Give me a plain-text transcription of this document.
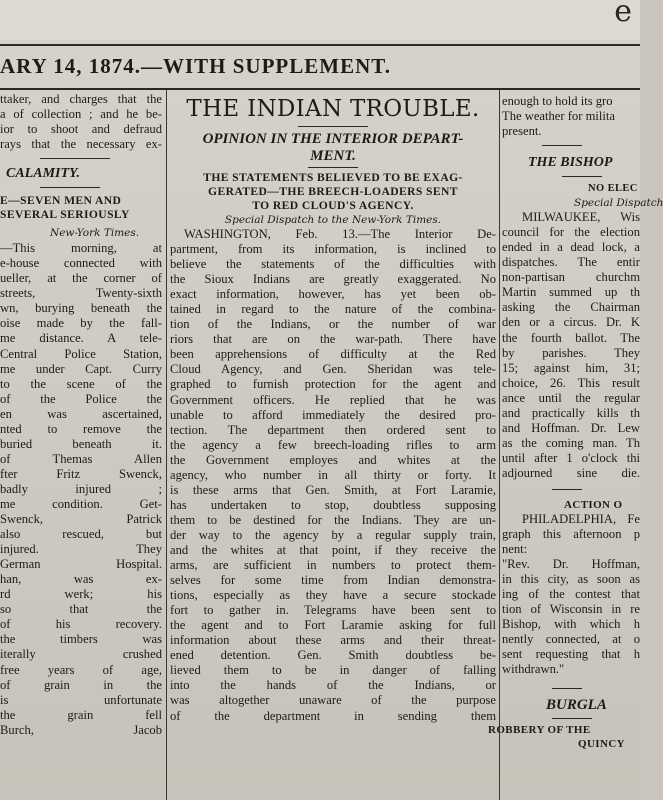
e
ARY 14, 1874.—WITH SUPPLEMENT.
ttaker, and charges that the
a of collection ; and he be-
ior to shoot and defraud
rays that the necessary ex-
CALAMITY.
E—SEVEN MEN AND
SEVERAL SERIOUSLY
New-York Times.
—This morning, at
e-house connected with
ueller, at the corner of
streets, Twenty-sixth
wn, burying beneath the
oise made by the fall-
me distance. A tele-
Central Police Station,
me under Capt. Curry
to the scene of the
of the Police the
en was ascertained,
nted to remove the
buried beneath it.
of Themas Allen
fter Fritz Swenck,
badly injured ;
me condition. Get-
Swenck, Patrick
also rescued, but
injured. They
German Hospital.
han, was ex-
rd werk; his
so that the
of his recovery.
the timbers was
iterally crushed
free years of age,
of grain in the
is unfortunate
the grain fell
Burch, Jacob
THE INDIAN TROUBLE.
OPINION IN THE INTERIOR DEPART-
MENT.
THE STATEMENTS BELIEVED TO BE EXAG-
GERATED—THE BREECH-LOADERS SENT
TO RED CLOUD'S AGENCY.
Special Dispatch to the New-York Times.
WASHINGTON, Feb. 13.—The Interior De-
partment, from its information, is inclined to
believe the statements of the difficulties with
the Sioux Indians are greatly exaggerated. No
exact information, however, has yet been ob-
tained in regard to the nature of the combina-
tion of the Indians, or the number of war
riors that are on the war-path. There have
been apprehensions of difficulty at the Red
Cloud Agency, and Gen. Sheridan was tele-
graphed to furnish protection for the agent and
Government officers. He replied that he was
unable to afford immediately the desired pro-
tection. The department then ordered sent to
the agency a few breech-loading rifles to arm
the Government employes and whites at the
agency, who number in all thirty or forty. It
is these arms that Gen. Smith, at Fort Laramie,
has undertaken to stop, doubtless supposing
them to be destined for the Indians. They are un-
der way to the agency by a regular supply train,
and the whites at that point, if they receive the
arms, are sufficient in numbers to protect them-
selves for some time from Indian demonstra-
tions, especially as they have a secure stockade
fort to gather in. Telegrams have been sent to
the agent and to Fort Laramie asking for full
information about these arms and their threat-
ened detention. Gen. Smith doubtless be-
lieved them to be in danger of falling
into the hands of the Indians, or
was altogether unaware of the purpose
of the department in sending them
enough to hold its gro
The weather for milita
present.
THE BISHOP
NO ELEC
Special Dispatch
MILWAUKEE, Wis
council for the election
ended in a dead lock, a
dispatches. The entir
non-partisan churchm
Martin summed up th
asking the Chairman
den or a circus. Dr. K
the fourth ballot. The
by parishes. They
15; against him, 31;
choice, 26. This result
ance until the regular
and practically kills th
and Hoffman. Dr. Lew
as the coming man. Th
until after 1 o'clock thi
adjourned sine die.
ACTION O
PHILADELPHIA, Fe
graph this afternoon p
nent:
"Rev. Dr. Hoffman,
in this city, as soon as
ing of the contest that
tion of Wisconsin in re
Bishop, with which h
nently connected, at o
sent requesting that h
withdrawn."
BURGLA
ROBBERY OF THE
QUINCY
